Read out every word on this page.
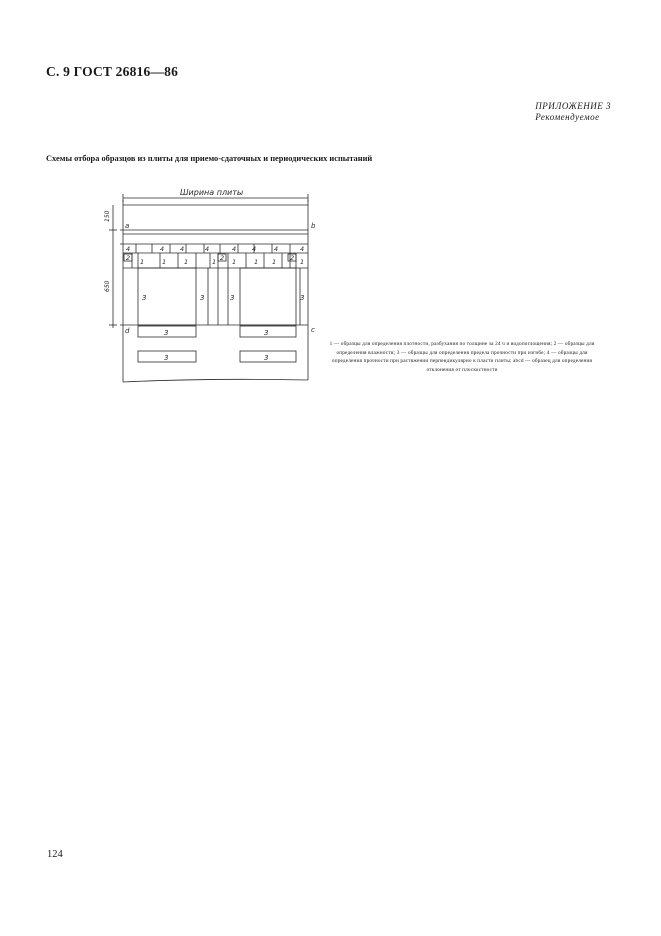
С. 9 ГОСТ 26816—86
ПРИЛОЖЕНИЕ 3
Рекомендуемое
Схемы отбора образцов из плиты для приемо-сдаточных и периодических испытаний
Ширина плиты
150
650
a	b
c
d
4	4 4	4	4 4	4	4
2 1	1	1	1 2 1	1 1 2 1
3	3	3	3
3	3
3	3
1 — образцы для определения плотности, разбухания по толщине за 24 ч и водопоглощения; 2 — образцы для определения влажности; 3 — образцы для определения предела прочности при изгибе; 4 — образцы для определения прочности при растяжении перпендикулярно к пласти плиты; abcd — образец для определения отклонения от плоскостности
124
